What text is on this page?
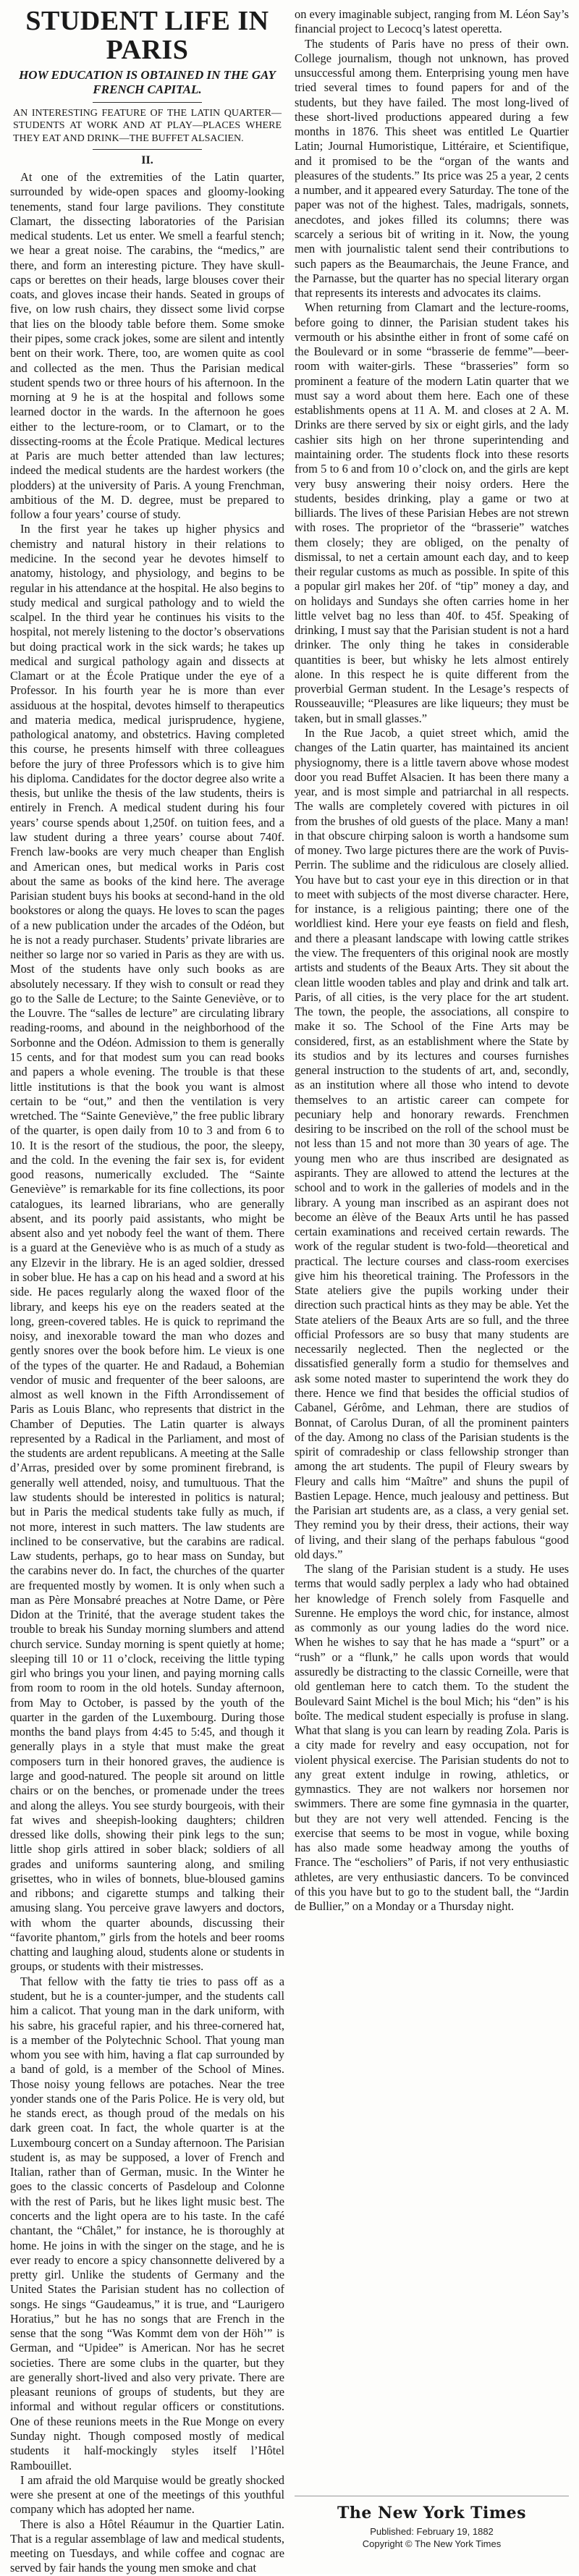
STUDENT LIFE IN PARIS
HOW EDUCATION IS OBTAINED IN THE GAY FRENCH CAPITAL.
AN INTERESTING FEATURE OF THE LATIN QUARTER—STUDENTS AT WORK AND AT PLAY—PLACES WHERE THEY EAT AND DRINK—THE BUFFET ALSACIEN.
II.

At one of the extremities of the Latin quarter, surrounded by wide-open spaces and gloomy-looking tenements, stand four large pavilions. They constitute Clamart, the dissecting laboratories of the Parisian medical students. Let us enter. We smell a fearful stench; we hear a great noise. The carabins, the “medics,” are there, and form an interesting picture. They have skull-caps or berettes on their heads, large blouses cover their coats, and gloves incase their hands. Seated in groups of five, on low rush chairs, they dissect some livid corpse that lies on the bloody table before them. Some smoke their pipes, some crack jokes, some are silent and intently bent on their work. There, too, are women quite as cool and collected as the men. Thus the Parisian medical student spends two or three hours of his afternoon. In the morning at 9 he is at the hospital and follows some learned doctor in the wards. In the afternoon he goes either to the lecture-room, or to Clamart, or to the dissecting-rooms at the École Pratique. Medical lectures at Paris are much better attended than law lectures; indeed the medical students are the hardest workers (the plodders) at the university of Paris. A young Frenchman, ambitious of the M. D. degree, must be prepared to follow a four years’ course of study.

In the first year he takes up higher physics and chemistry and natural history in their relations to medicine. In the second year he devotes himself to anatomy, histology, and physiology, and begins to be regular in his attendance at the hospital. He also begins to study medical and surgical pathology and to wield the scalpel. In the third year he continues his visits to the hospital, not merely listening to the doctor’s observations but doing practical work in the sick wards; he takes up medical and surgical pathology again and dissects at Clamart or at the École Pratique under the eye of a Professor. In his fourth year he is more than ever assiduous at the hospital, devotes himself to therapeutics and materia medica, medical jurisprudence, hygiene, pathological anatomy, and obstetrics. Having completed this course, he presents himself with three colleagues before the jury of three Professors which is to give him his diploma. Candidates for the doctor degree also write a thesis, but unlike the thesis of the law students, theirs is entirely in French. A medical student during his four years’ course spends about 1,250f. on tuition fees, and a law student during a three years’ course about 740f. French law-books are very much cheaper than English and American ones, but medical works in Paris cost about the same as books of the kind here. The average Parisian student buys his books at second-hand in the old bookstores or along the quays. He loves to scan the pages of a new publication under the arcades of the Odéon, but he is not a ready purchaser. Students’ private libraries are neither so large nor so varied in Paris as they are with us. Most of the students have only such books as are absolutely necessary. If they wish to consult or read they go to the Salle de Lecture; to the Sainte Geneviève, or to the Louvre. The “salles de lecture” are circulating library reading-rooms, and abound in the neighborhood of the Sorbonne and the Odéon. Admission to them is generally 15 cents, and for that modest sum you can read books and papers a whole evening. The trouble is that these little institutions is that the book you want is almost certain to be “out,” and then the ventilation is very wretched. The “Sainte Geneviève,” the free public library of the quarter, is open daily from 10 to 3 and from 6 to 10. It is the resort of the studious, the poor, the sleepy, and the cold. In the evening the fair sex is, for evident good reasons, numerically excluded. The “Sainte Geneviève” is remarkable for its fine collections, its poor catalogues, its learned librarians, who are generally absent, and its poorly paid assistants, who might be absent also and yet nobody feel the want of them. There is a guard at the Geneviève who is as much of a study as any Elzevir in the library. He is an aged soldier, dressed in sober blue. He has a cap on his head and a sword at his side. He paces regularly along the waxed floor of the library, and keeps his eye on the readers seated at the long, green-covered tables. He is quick to reprimand the noisy, and inexorable toward the man who dozes and gently snores over the book before him. Le vieux is one of the types of the quarter. He and Radaud, a Bohemian vendor of music and frequenter of the beer saloons, are almost as well known in the Fifth Arrondissement of Paris as Louis Blanc, who represents that district in the Chamber of Deputies. The Latin quarter is always represented by a Radical in the Parliament, and most of the students are ardent republicans. A meeting at the Salle d’Arras, presided over by some prominent firebrand, is generally well attended, noisy, and tumultuous. That the law students should be interested in politics is natural; but in Paris the medical students take fully as much, if not more, interest in such matters. The law students are inclined to be conservative, but the carabins are radical. Law students, perhaps, go to hear mass on Sunday, but the carabins never do. In fact, the churches of the quarter are frequented mostly by women. It is only when such a man as Père Monsabré preaches at Notre Dame, or Père Didon at the Trinité, that the average student takes the trouble to break his Sunday morning slumbers and attend church service. Sunday morning is spent quietly at home; sleeping till 10 or 11 o’clock, receiving the little typing girl who brings you your linen, and paying morning calls from room to room in the old hotels. Sunday afternoon, from May to October, is passed by the youth of the quarter in the garden of the Luxembourg. During those months the band plays from 4:45 to 5:45, and though it generally plays in a style that must make the great composers turn in their honored graves, the audience is large and good-natured. The people sit around on little chairs or on the benches, or promenade under the trees and along the alleys. You see sturdy bourgeois, with their fat wives and sheepish-looking daughters; children dressed like dolls, showing their pink legs to the sun; little shop girls attired in sober black; soldiers of all grades and uniforms sauntering along, and smiling grisettes, who in wiles of bonnets, blue-bloused gamins and ribbons; and cigarette stumps and talking their amusing slang. You perceive grave lawyers and doctors, with whom the quarter abounds, discussing their “favorite phantom,” girls from the hotels and beer rooms chatting and laughing aloud, students alone or students in groups, or students with their mistresses.

That fellow with the fatty tie tries to pass off as a student, but he is a counter-jumper, and the students call him a calicot. That young man in the dark uniform, with his sabre, his graceful rapier, and his three-cornered hat, is a member of the Polytechnic School. That young man whom you see with him, having a flat cap surrounded by a band of gold, is a member of the School of Mines. Those noisy young fellows are potaches. Near the tree yonder stands one of the Paris Police. He is very old, but he stands erect, as though proud of the medals on his dark green coat. In fact, the whole quarter is at the Luxembourg concert on a Sunday afternoon. The Parisian student is, as may be supposed, a lover of French and Italian, rather than of German, music. In the Winter he goes to the classic concerts of Pasdeloup and Colonne with the rest of Paris, but he likes light music best. The concerts and the light opera are to his taste. In the café chantant, the “Châlet,” for instance, he is thoroughly at home. He joins in with the singer on the stage, and he is ever ready to encore a spicy chansonnette delivered by a pretty girl. Unlike the students of Germany and the United States the Parisian student has no collection of songs. He sings “Gaudeamus,” it is true, and “Laurigero Horatius,” but he has no songs that are French in the sense that the song “Was Kommt dem von der Höh’” is German, and “Upidee” is American. Nor has he secret societies. There are some clubs in the quarter, but they are generally short-lived and also very private. There are pleasant reunions of groups of students, but they are informal and without regular officers or constitutions. One of these reunions meets in the Rue Monge on every Sunday night. Though composed mostly of medical students it half-mockingly styles itself l’Hôtel Rambouillet.

I am afraid the old Marquise would be greatly shocked were she present at one of the meetings of this youthful company which has adopted her name.

There is also a Hôtel Réaumur in the Quartier Latin. That is a regular assemblage of law and medical students, meeting on Tuesdays, and while coffee and cognac are served by fair hands the young men smoke and chat

on every imaginable subject, ranging from M. Léon Say’s financial project to Lecocq’s latest operetta.

The students of Paris have no press of their own. College journalism, though not unknown, has proved unsuccessful among them. Enterprising young men have tried several times to found papers for and of the students, but they have failed. The most long-lived of these short-lived productions appeared during a few months in 1876. This sheet was entitled Le Quartier Latin; Journal Humoristique, Littéraire, et Scientifique, and it promised to be the “organ of the wants and pleasures of the students.” Its price was 25 a year, 2 cents a number, and it appeared every Saturday. The tone of the paper was not of the highest. Tales, madrigals, sonnets, anecdotes, and jokes filled its columns; there was scarcely a serious bit of writing in it. Now, the young men with journalistic talent send their contributions to such papers as the Beaumarchais, the Jeune France, and the Parnasse, but the quarter has no special literary organ that represents its interests and advocates its claims.

When returning from Clamart and the lecture-rooms, before going to dinner, the Parisian student takes his vermouth or his absinthe either in front of some café on the Boulevard or in some “brasserie de femme”—beer-room with waiter-girls. These “brasseries” form so prominent a feature of the modern Latin quarter that we must say a word about them here. Each one of these establishments opens at 11 A. M. and closes at 2 A. M. Drinks are there served by six or eight girls, and the lady cashier sits high on her throne superintending and maintaining order. The students flock into these resorts from 5 to 6 and from 10 o’clock on, and the girls are kept very busy answering their noisy orders. Here the students, besides drinking, play a game or two at billiards. The lives of these Parisian Hebes are not strewn with roses. The proprietor of the “brasserie” watches them closely; they are obliged, on the penalty of dismissal, to net a certain amount each day, and to keep their regular customs as much as possible. In spite of this a popular girl makes her 20f. of “tip” money a day, and on holidays and Sundays she often carries home in her little velvet bag no less than 40f. to 45f. Speaking of drinking, I must say that the Parisian student is not a hard drinker. The only thing he takes in considerable quantities is beer, but whisky he lets almost entirely alone. In this respect he is quite different from the proverbial German student. In the Lesage’s respects of Rousseauville; “Pleasures are like liqueurs; they must be taken, but in small glasses.”

In the Rue Jacob, a quiet street which, amid the changes of the Latin quarter, has maintained its ancient physiognomy, there is a little tavern above whose modest door you read Buffet Alsacien. It has been there many a year, and is most simple and patriarchal in all respects. The walls are completely covered with pictures in oil from the brushes of old guests of the place. Many a man! in that obscure chirping saloon is worth a handsome sum of money. Two large pictures there are the work of Puvis-Perrin. The sublime and the ridiculous are closely allied. You have but to cast your eye in this direction or in that to meet with subjects of the most diverse character. Here, for instance, is a religious painting; there one of the worldliest kind. Here your eye feasts on field and flesh, and there a pleasant landscape with lowing cattle strikes the view. The frequenters of this original nook are mostly artists and students of the Beaux Arts. They sit about the clean little wooden tables and play and drink and talk art. Paris, of all cities, is the very place for the art student. The town, the people, the associations, all conspire to make it so. The School of the Fine Arts may be considered, first, as an establishment where the State by its studios and by its lectures and courses furnishes general instruction to the students of art, and, secondly, as an institution where all those who intend to devote themselves to an artistic career can compete for pecuniary help and honorary rewards. Frenchmen desiring to be inscribed on the roll of the school must be not less than 15 and not more than 30 years of age. The young men who are thus inscribed are designated as aspirants. They are allowed to attend the lectures at the school and to work in the galleries of models and in the library. A young man inscribed as an aspirant does not become an élève of the Beaux Arts until he has passed certain examinations and received certain rewards. The work of the regular student is two-fold—theoretical and practical. The lecture courses and class-room exercises give him his theoretical training. The Professors in the State ateliers give the pupils working under their direction such practical hints as they may be able. Yet the State ateliers of the Beaux Arts are so full, and the three official Professors are so busy that many students are necessarily neglected. Then the neglected or the dissatisfied generally form a studio for themselves and ask some noted master to superintend the work they do there. Hence we find that besides the official studios of Cabanel, Gérôme, and Lehman, there are studios of Bonnat, of Carolus Duran, of all the prominent painters of the day. Among no class of the Parisian students is the spirit of comradeship or class fellowship stronger than among the art students. The pupil of Fleury swears by Fleury and calls him “Maître” and shuns the pupil of Bastien Lepage. Hence, much jealousy and pettiness. But the Parisian art students are, as a class, a very genial set. They remind you by their dress, their actions, their way of living, and their slang of the perhaps fabulous “good old days.”

The slang of the Parisian student is a study. He uses terms that would sadly perplex a lady who had obtained her knowledge of French solely from Fasquelle and Surenne. He employs the word chic, for instance, almost as commonly as our young ladies do the word nice. When he wishes to say that he has made a “spurt” or a “rush” or a “flunk,” he calls upon words that would assuredly be distracting to the classic Corneille, were that old gentleman here to catch them. To the student the Boulevard Saint Michel is the boul Mich; his “den” is his boîte. The medical student especially is profuse in slang. What that slang is you can learn by reading Zola. Paris is a city made for revelry and easy occupation, not for violent physical exercise. The Parisian students do not to any great extent indulge in rowing, athletics, or gymnastics. They are not walkers nor horsemen nor swimmers. There are some fine gymnasia in the quarter, but they are not very well attended. Fencing is the exercise that seems to be most in vogue, while boxing has also made some headway among the youths of France. The “escholiers” of Paris, if not very enthusiastic athletes, are very enthusiastic dancers. To be convinced of this you have but to go to the student ball, the “Jardin de Bullier,” on a Monday or a Thursday night.

The New York Times
Published: February 19, 1882
Copyright © The New York Times
